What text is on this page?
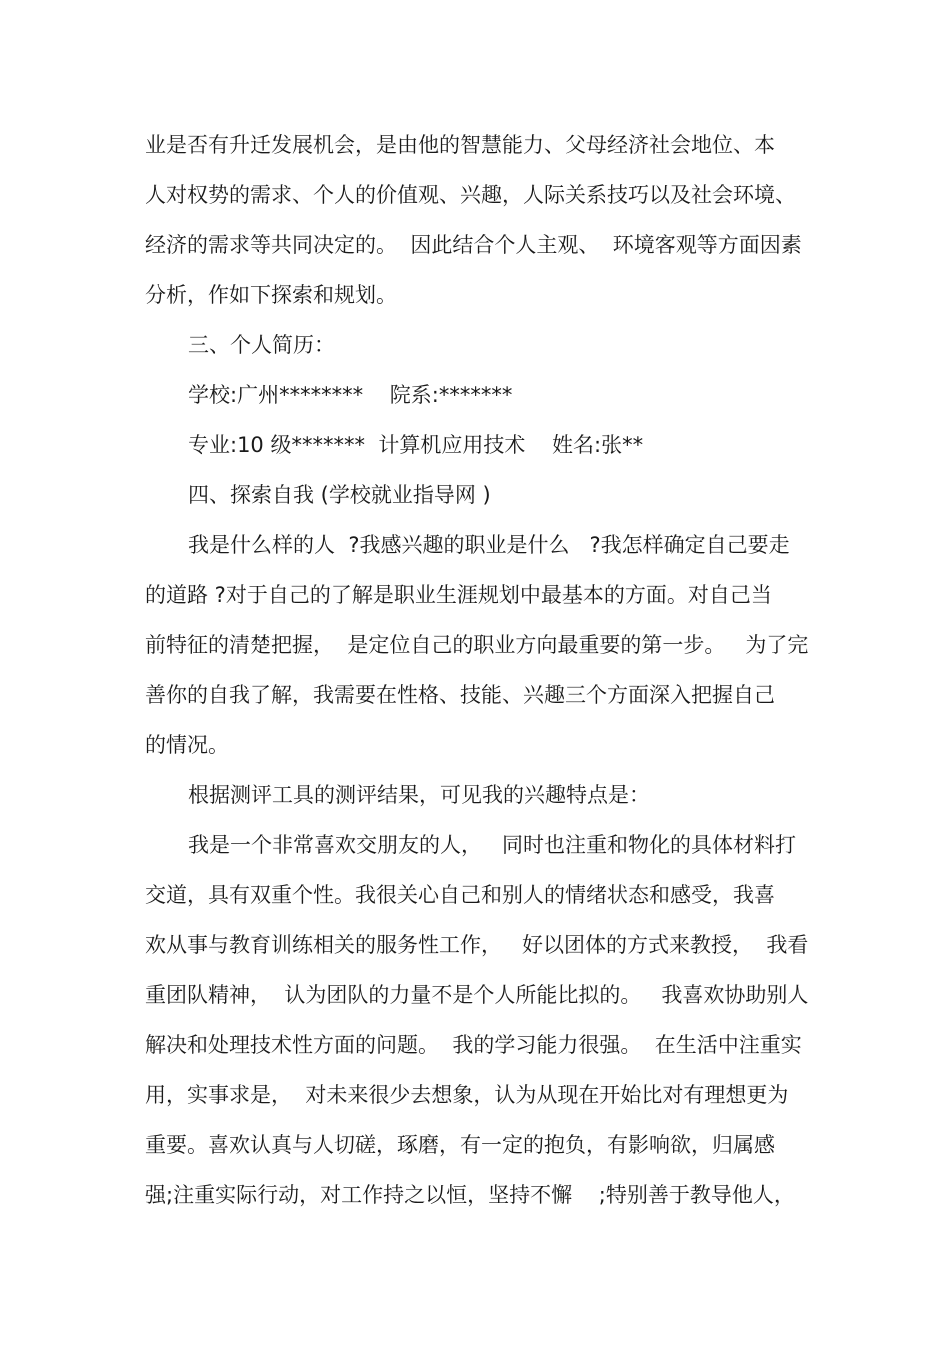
业是否有升迁发展机会，是由他的智慧能力、父母经济社会地位、本
人对权势的需求、个人的价值观、兴趣，人际关系技巧以及社会环境、
经济的需求等共同决定的。  因此结合个人主观、  环境客观等方面因素
分析，作如下探索和规划。
三、个人简历：
学校:广州********    院系:*******
专业:10 级*******  计算机应用技术    姓名:张**
四、探索自我 (学校就业指导网 )
我是什么样的人  ?我感兴趣的职业是什么   ?我怎样确定自己要走
的道路 ?对于自己的了解是职业生涯规划中最基本的方面。对自己当
前特征的清楚把握，  是定位自己的职业方向最重要的第一步。   为了完
善你的自我了解，我需要在性格、技能、兴趣三个方面深入把握自己
的情况。
根据测评工具的测评结果，可见我的兴趣特点是：
我是一个非常喜欢交朋友的人，   同时也注重和物化的具体材料打
交道，具有双重个性。我很关心自己和别人的情绪状态和感受，我喜
欢从事与教育训练相关的服务性工作，   好以团体的方式来教授，  我看
重团队精神，  认为团队的力量不是个人所能比拟的。   我喜欢协助别人
解决和处理技术性方面的问题。  我的学习能力很强。  在生活中注重实
用，实事求是，  对未来很少去想象，认为从现在开始比对有理想更为
重要。喜欢认真与人切磋，琢磨，有一定的抱负，有影响欲，归属感
强;注重实际行动，对工作持之以恒，坚持不懈    ;特别善于教导他人，
